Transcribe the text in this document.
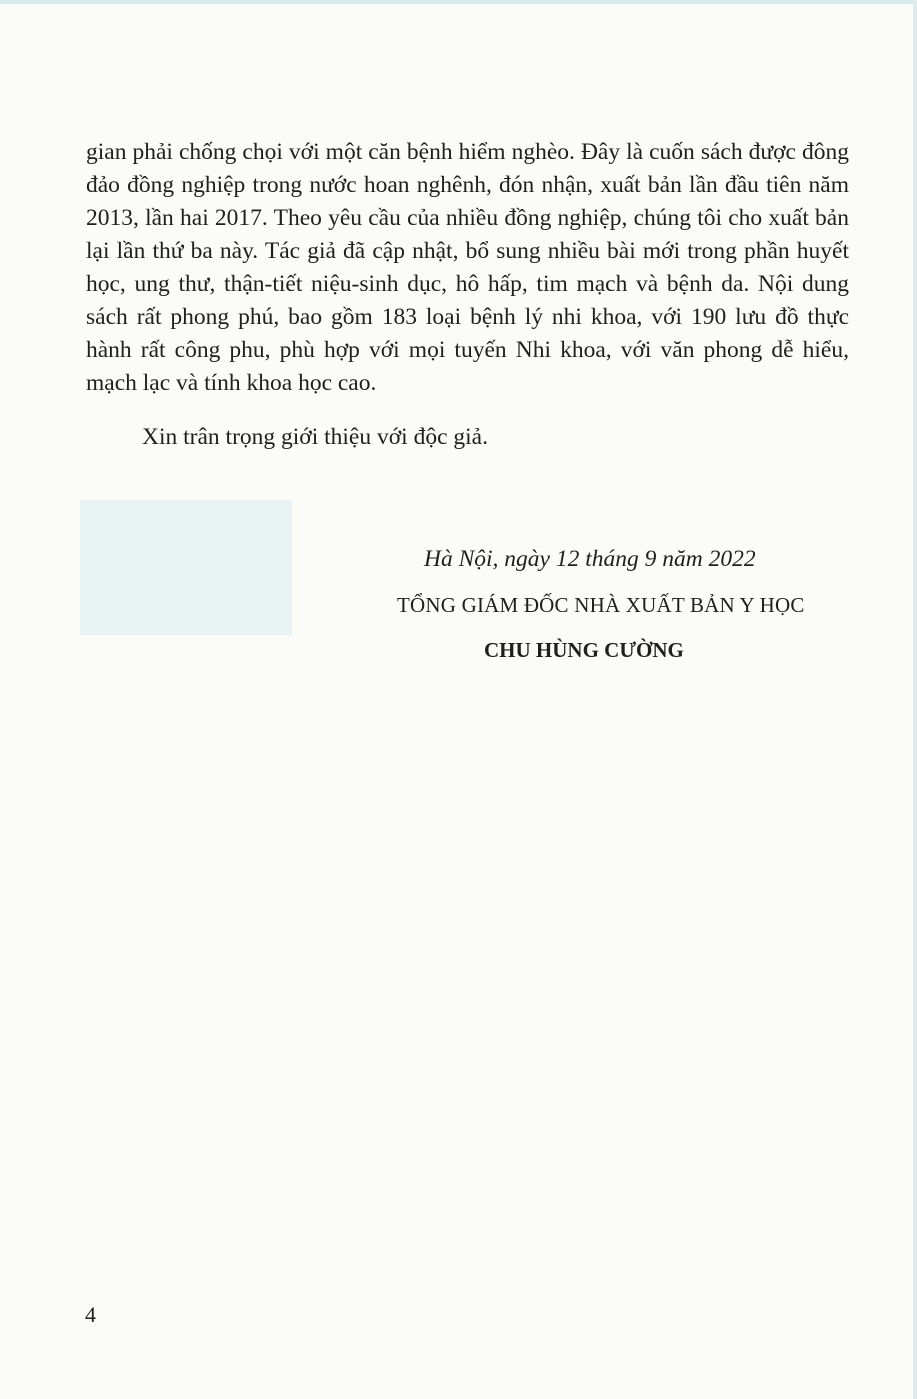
gian phải chống chọi với một căn bệnh hiểm nghèo. Đây là cuốn sách được đông đảo đồng nghiệp trong nước hoan nghênh, đón nhận, xuất bản lần đầu tiên năm 2013, lần hai 2017. Theo yêu cầu của nhiều đồng nghiệp, chúng tôi cho xuất bản lại lần thứ ba này. Tác giả đã cập nhật, bổ sung nhiều bài mới trong phần huyết học, ung thư, thận-tiết niệu-sinh dục, hô hấp, tim mạch và bệnh da. Nội dung sách rất phong phú, bao gồm 183 loại bệnh lý nhi khoa, với 190 lưu đồ thực hành rất công phu, phù hợp với mọi tuyến Nhi khoa, với văn phong dễ hiểu, mạch lạc và tính khoa học cao.

Xin trân trọng giới thiệu với độc giả.

Hà Nội, ngày 12 tháng 9 năm 2022
TỔNG GIÁM ĐỐC NHÀ XUẤT BẢN Y HỌC
CHU HÙNG CƯỜNG
4
